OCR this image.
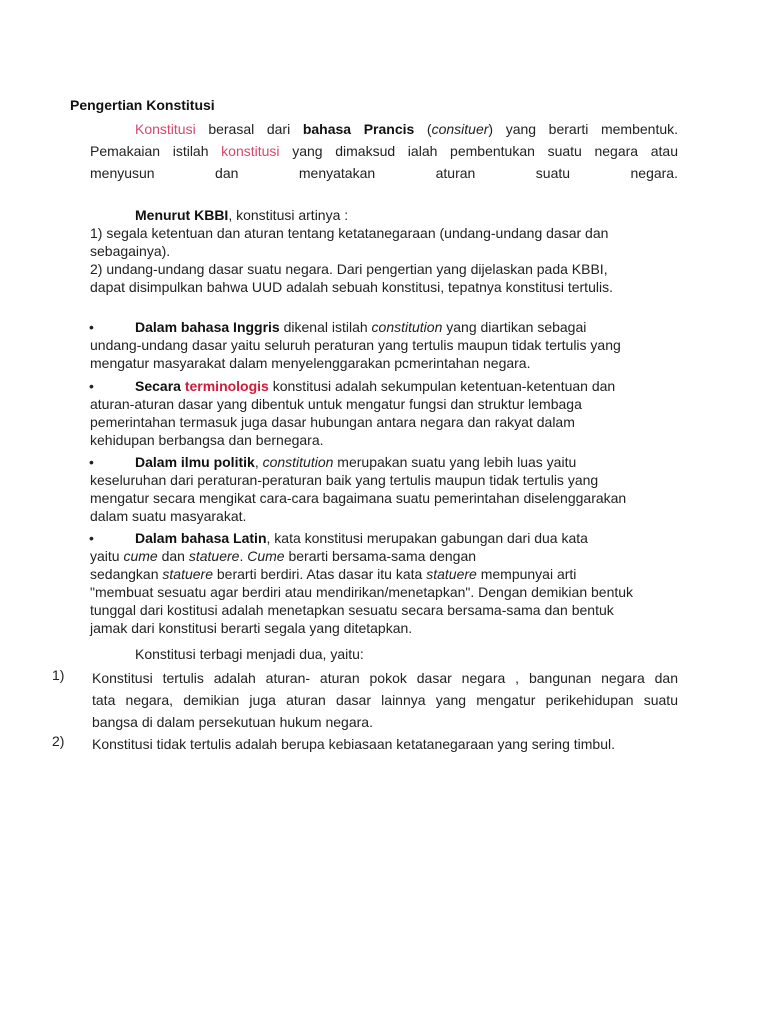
Pengertian Konstitusi
Konstitusi berasal dari bahasa Prancis (consituer) yang berarti membentuk.
Pemakaian istilah konstitusi yang dimaksud ialah pembentukan suatu negara atau
menyusun dan menyatakan aturan suatu negara.
Menurut KBBI, konstitusi artinya :
1) segala ketentuan dan aturan tentang ketatanegaraan (undang-undang dasar dan
sebagainya).
2) undang-undang dasar suatu negara. Dari pengertian yang dijelaskan pada KBBI,
dapat disimpulkan bahwa UUD adalah sebuah konstitusi, tepatnya konstitusi tertulis.
• Dalam bahasa Inggris dikenal istilah constitution yang diartikan sebagai
undang-undang dasar yaitu seluruh peraturan yang tertulis maupun tidak tertulis yang
mengatur masyarakat dalam menyelenggarakan pcmerintahan negara.
• Secara terminologis konstitusi adalah sekumpulan ketentuan-ketentuan dan
aturan-aturan dasar yang dibentuk untuk mengatur fungsi dan struktur lembaga
pemerintahan termasuk juga dasar hubungan antara negara dan rakyat dalam
kehidupan berbangsa dan bernegara.
• Dalam ilmu politik, constitution merupakan suatu yang lebih luas yaitu
keseluruhan dari peraturan-peraturan baik yang tertulis maupun tidak tertulis yang
mengatur secara mengikat cara-cara bagaimana suatu pemerintahan diselenggarakan
dalam suatu masyarakat.
• Dalam bahasa Latin, kata konstitusi merupakan gabungan dari dua kata
yaitu cume dan statuere. Cume berarti bersama-sama dengan
sedangkan statuere berarti berdiri. Atas dasar itu kata statuere mempunyai arti
"membuat sesuatu agar berdiri atau mendirikan/menetapkan". Dengan demikian bentuk
tunggal dari kostitusi adalah menetapkan sesuatu secara bersama-sama dan bentuk
jamak dari konstitusi berarti segala yang ditetapkan.
Konstitusi terbagi menjadi dua, yaitu:
1) Konstitusi tertulis adalah aturan- aturan pokok dasar negara , bangunan negara dan
tata negara, demikian juga aturan dasar lainnya yang mengatur perikehidupan suatu
bangsa di dalam persekutuan hukum negara.
2) Konstitusi tidak tertulis adalah berupa kebiasaan ketatanegaraan yang sering timbul.
